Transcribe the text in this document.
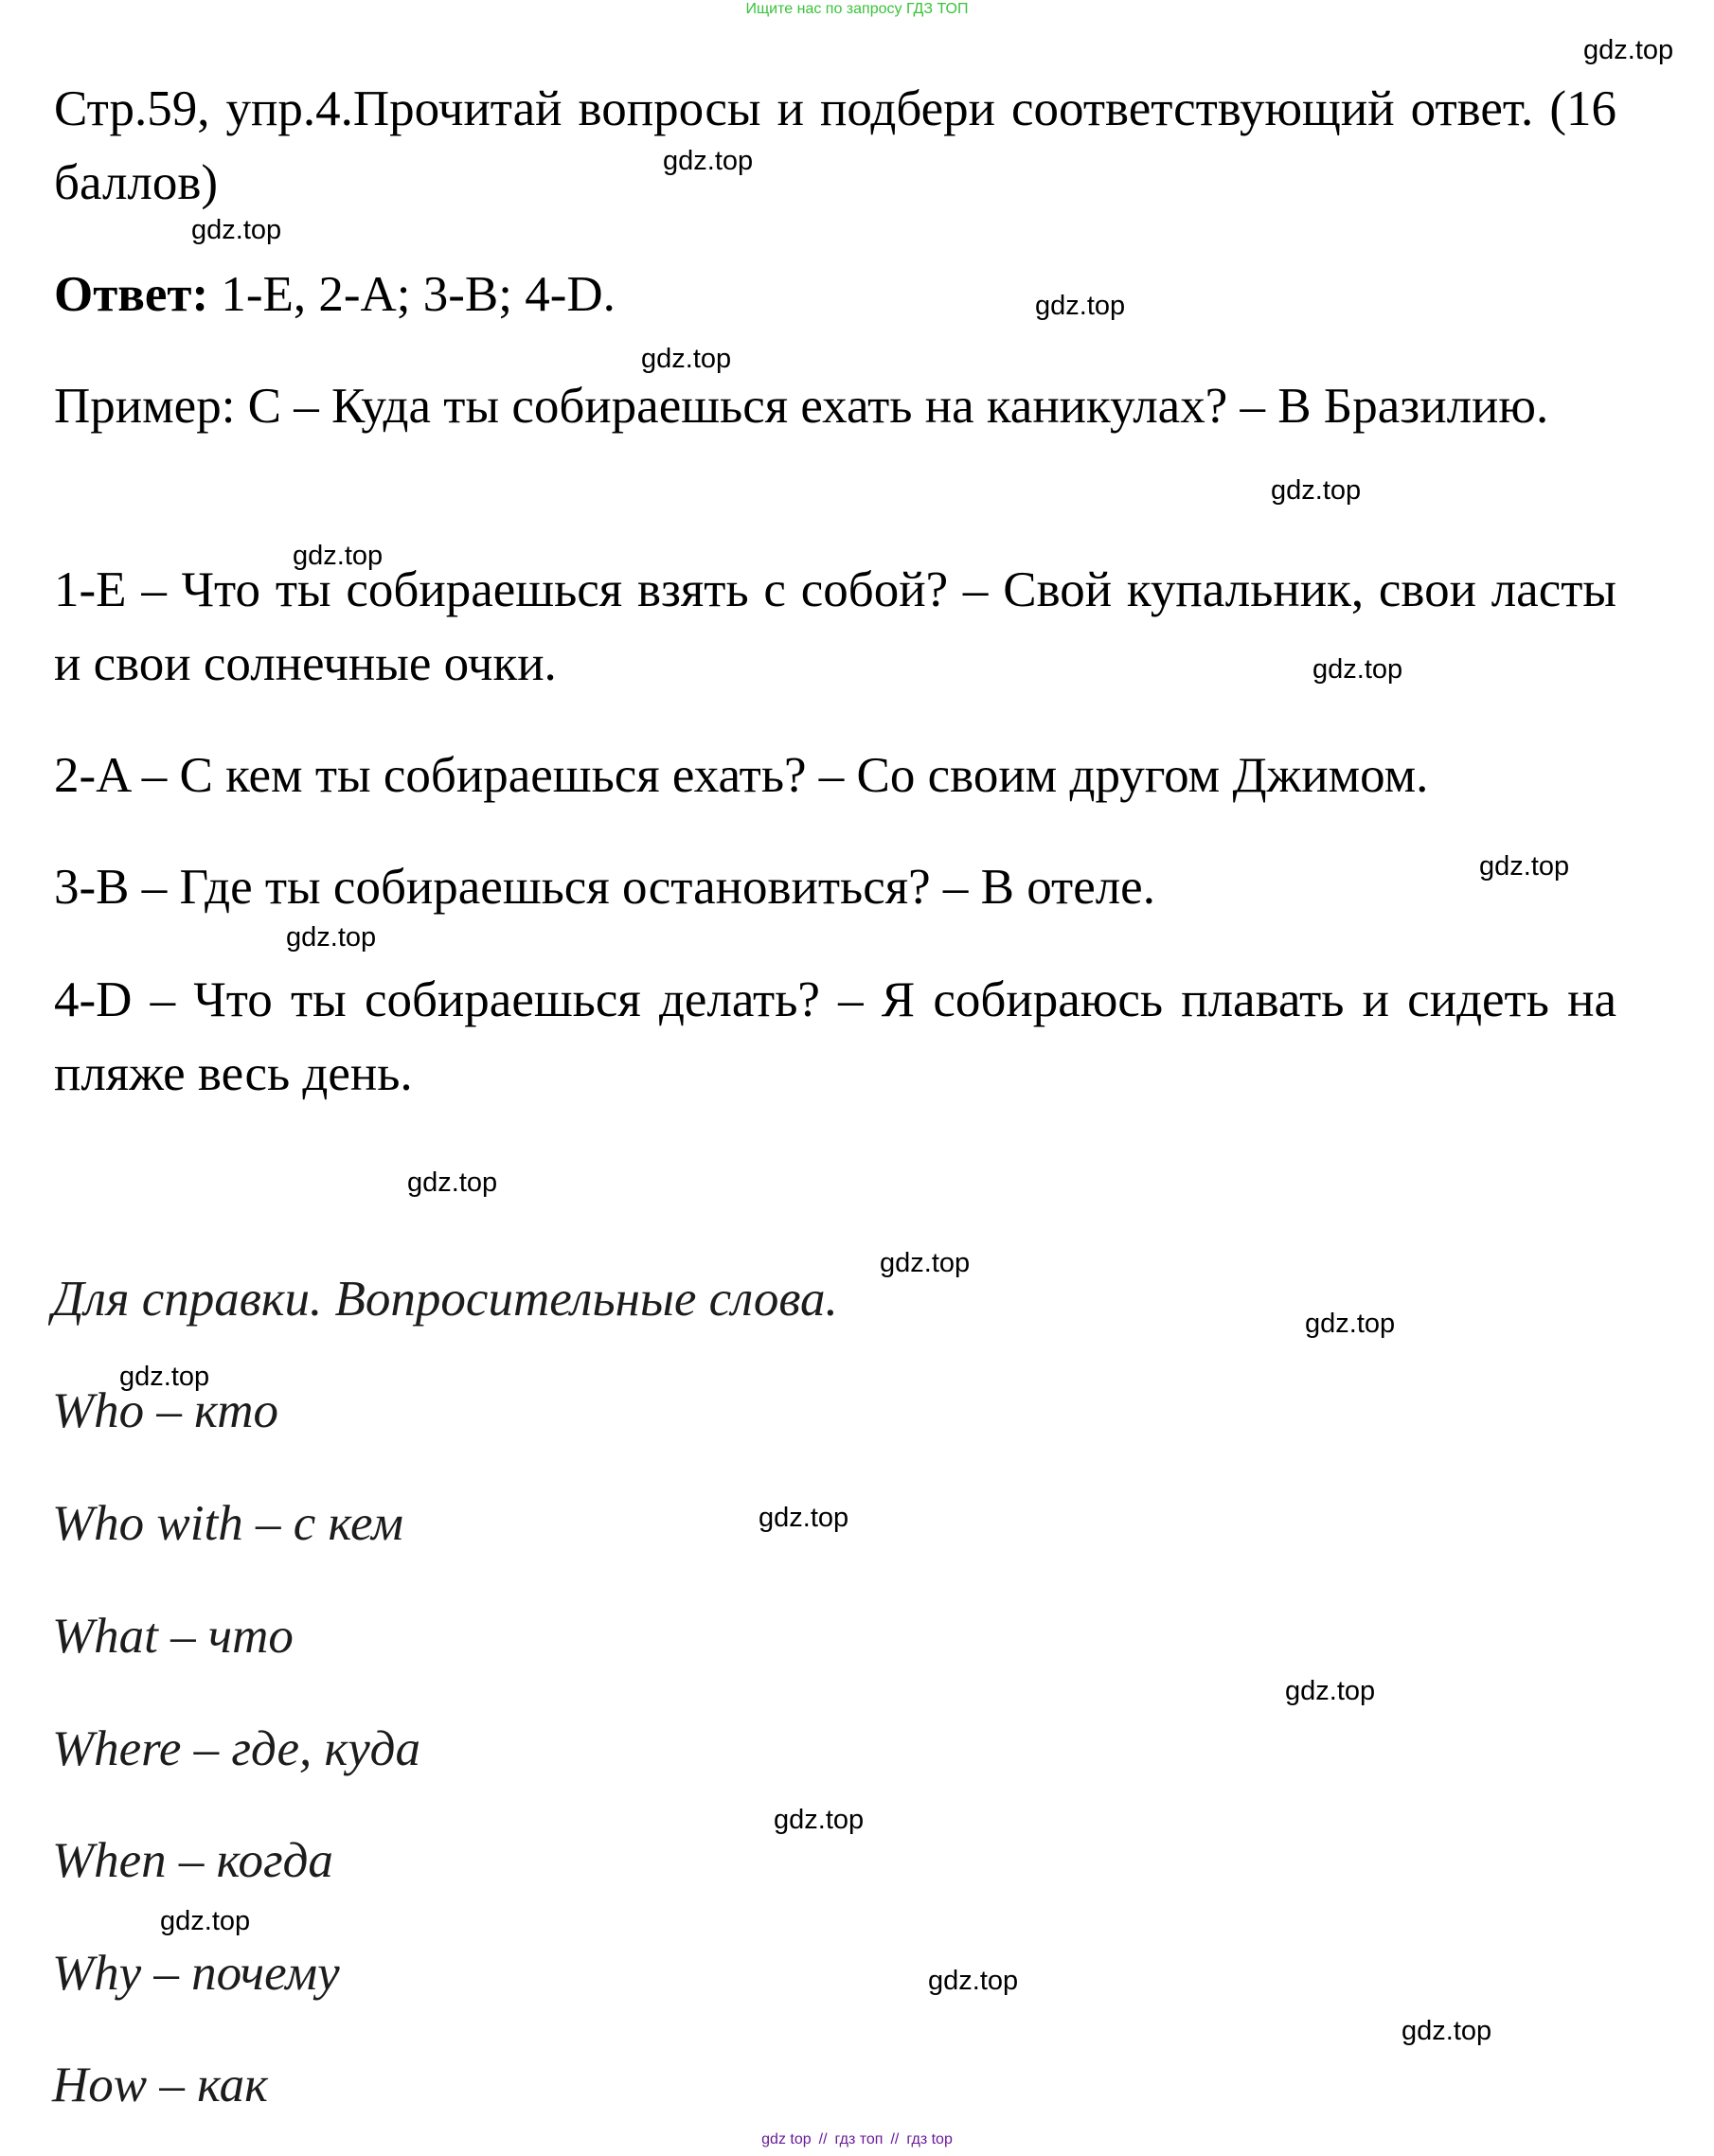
Ищите нас по запросу ГДЗ ТОП
Стр.59, упр.4.Прочитай вопросы и подбери соответствующий ответ. (16 баллов)
Ответ: 1-E, 2-A; 3-B; 4-D.
Пример: С – Куда ты собираешься ехать на каникулах? – В Бразилию.
1-E – Что ты собираешься взять с собой? – Свой купальник, свои ласты и свои солнечные очки.
2-A – С кем ты собираешься ехать? – Со своим другом Джимом.
3-B – Где ты собираешься остановиться? – В отеле.
4-D – Что ты собираешься делать? – Я собираюсь плавать и сидеть на пляже весь день.
Для справки. Вопросительные слова.
Who – кто
Who with – с кем
What – что
Where – где, куда
When – когда
Why – почему
How – как
gdz.top
gdz.top
gdz.top
gdz.top
gdz.top
gdz.top
gdz.top
gdz.top
gdz.top
gdz.top
gdz.top
gdz.top
gdz.top
gdz.top
gdz.top
gdz.top
gdz.top
gdz.top
gdz.top
gdz.top
gdz top // гдз топ // гдз top
